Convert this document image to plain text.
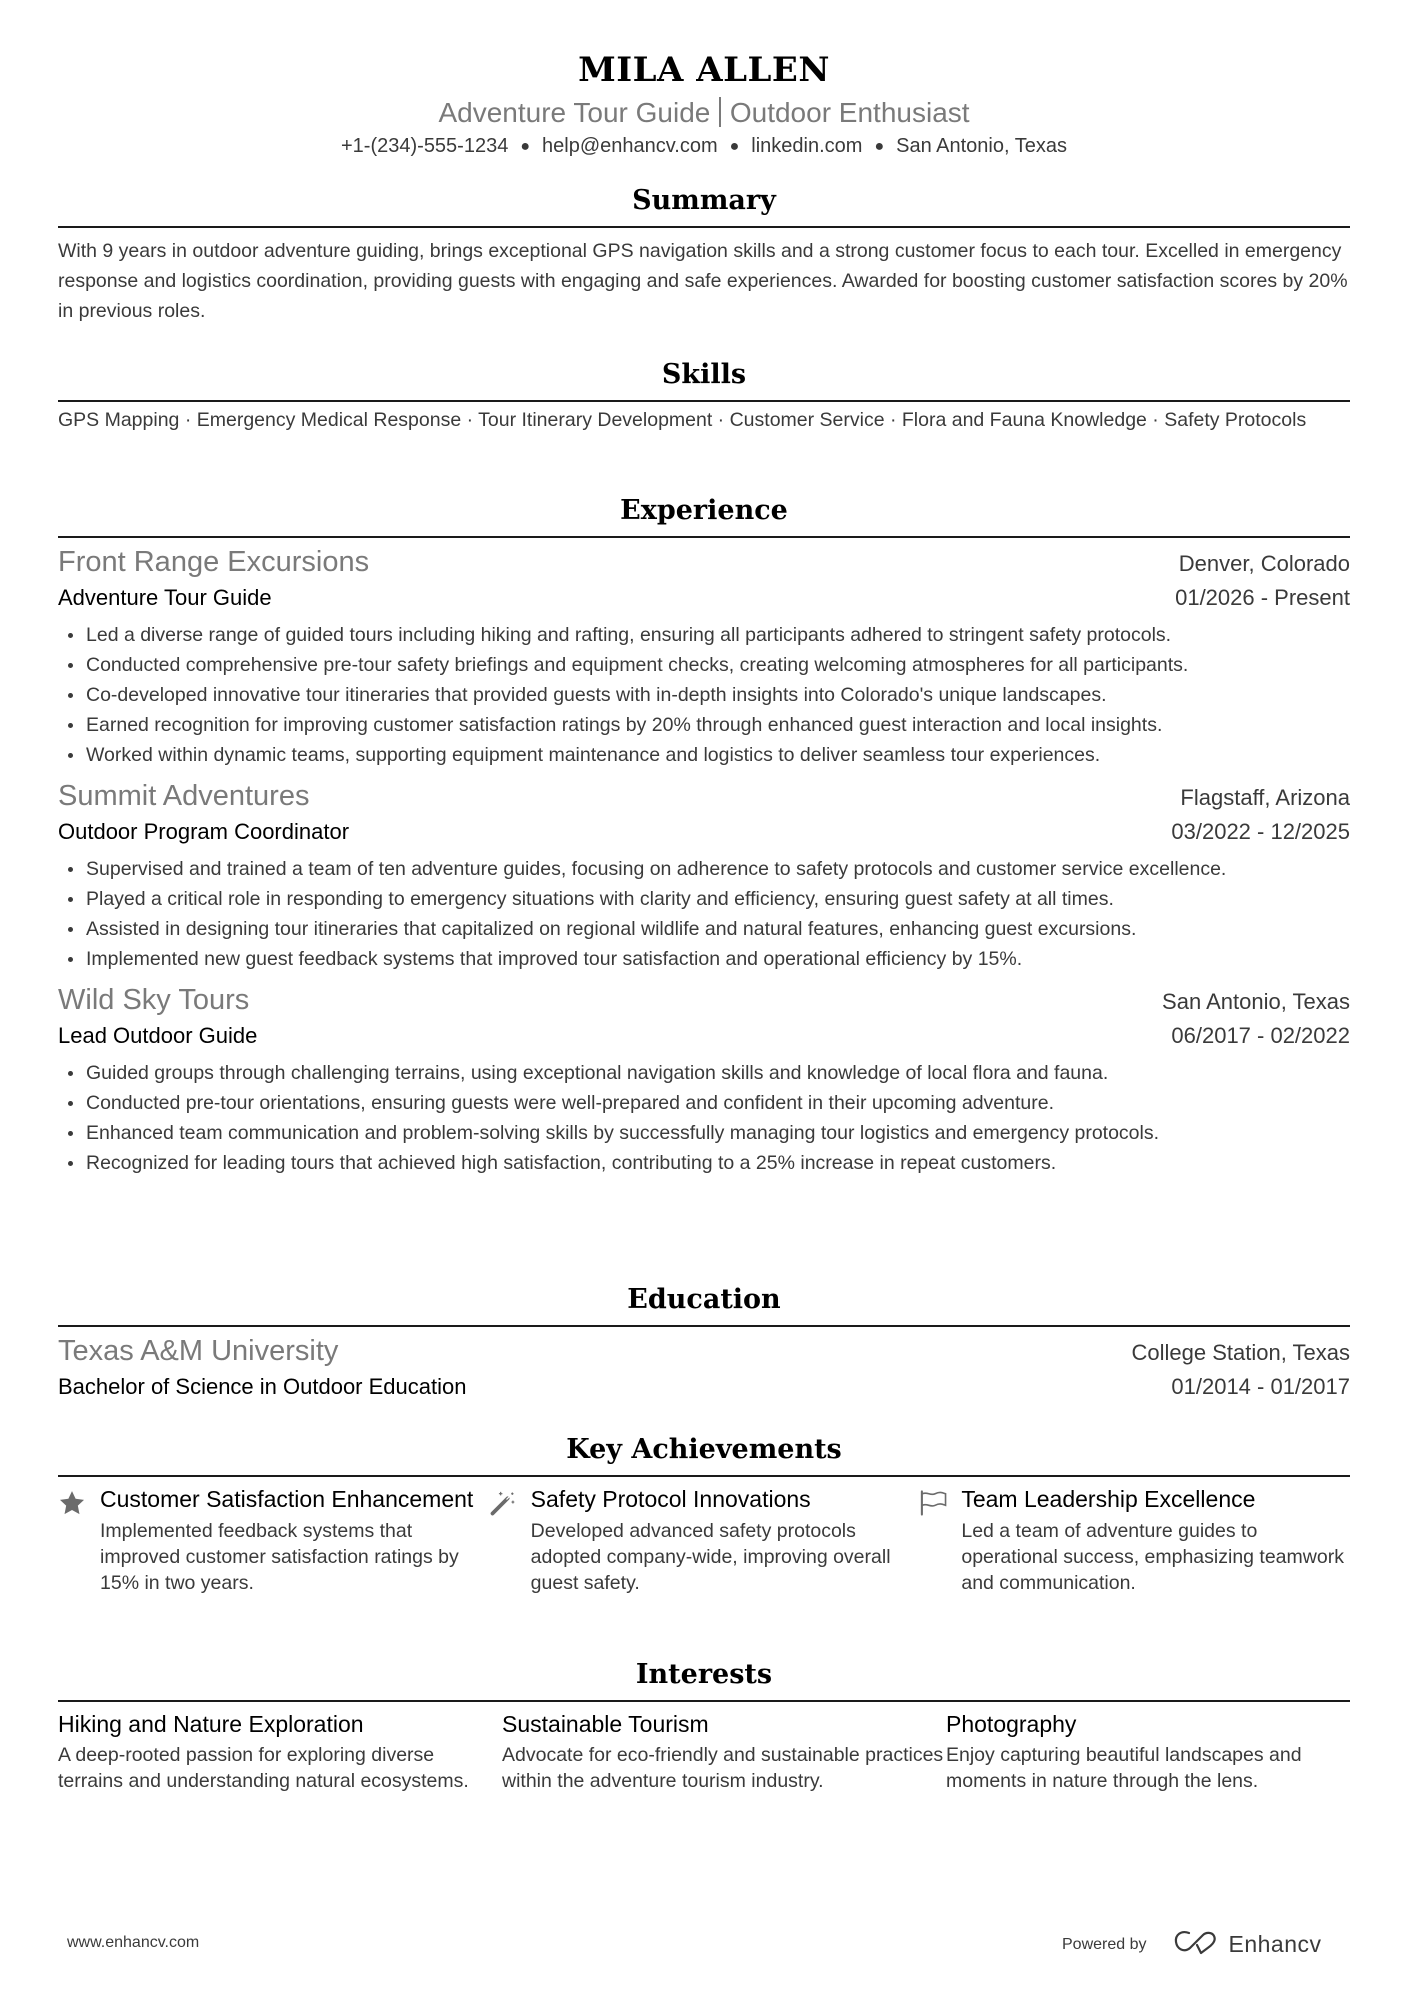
MILA ALLEN
Adventure Tour Guide Outdoor Enthusiast
+1-(234)-555-1234 ● help@enhancv.com ● linkedin.com ● San Antonio, Texas
Summary
With 9 years in outdoor adventure guiding, brings exceptional GPS navigation skills and a strong customer focus to each tour. Excelled in emergency response and logistics coordination, providing guests with engaging and safe experiences. Awarded for boosting customer satisfaction scores by 20% in previous roles.
Skills
GPS Mapping · Emergency Medical Response · Tour Itinerary Development · Customer Service · Flora and Fauna Knowledge · Safety Protocols
Experience
Front Range Excursions	Denver, Colorado
Adventure Tour Guide	01/2026 - Present
Led a diverse range of guided tours including hiking and rafting, ensuring all participants adhered to stringent safety protocols.
Conducted comprehensive pre-tour safety briefings and equipment checks, creating welcoming atmospheres for all participants.
Co-developed innovative tour itineraries that provided guests with in-depth insights into Colorado's unique landscapes.
Earned recognition for improving customer satisfaction ratings by 20% through enhanced guest interaction and local insights.
Worked within dynamic teams, supporting equipment maintenance and logistics to deliver seamless tour experiences.
Summit Adventures	Flagstaff, Arizona
Outdoor Program Coordinator	03/2022 - 12/2025
Supervised and trained a team of ten adventure guides, focusing on adherence to safety protocols and customer service excellence.
Played a critical role in responding to emergency situations with clarity and efficiency, ensuring guest safety at all times.
Assisted in designing tour itineraries that capitalized on regional wildlife and natural features, enhancing guest excursions.
Implemented new guest feedback systems that improved tour satisfaction and operational efficiency by 15%.
Wild Sky Tours	San Antonio, Texas
Lead Outdoor Guide	06/2017 - 02/2022
Guided groups through challenging terrains, using exceptional navigation skills and knowledge of local flora and fauna.
Conducted pre-tour orientations, ensuring guests were well-prepared and confident in their upcoming adventure.
Enhanced team communication and problem-solving skills by successfully managing tour logistics and emergency protocols.
Recognized for leading tours that achieved high satisfaction, contributing to a 25% increase in repeat customers.
Education
Texas A&M University	College Station, Texas
Bachelor of Science in Outdoor Education	01/2014 - 01/2017
Key Achievements
Customer Satisfaction Enhancement
Implemented feedback systems that improved customer satisfaction ratings by 15% in two years.
Safety Protocol Innovations
Developed advanced safety protocols adopted company-wide, improving overall guest safety.
Team Leadership Excellence
Led a team of adventure guides to operational success, emphasizing teamwork and communication.
Interests
Hiking and Nature Exploration
A deep-rooted passion for exploring diverse terrains and understanding natural ecosystems.
Sustainable Tourism
Advocate for eco-friendly and sustainable practices within the adventure tourism industry.
Photography
Enjoy capturing beautiful landscapes and moments in nature through the lens.
www.enhancv.com	Powered by	Enhancv
